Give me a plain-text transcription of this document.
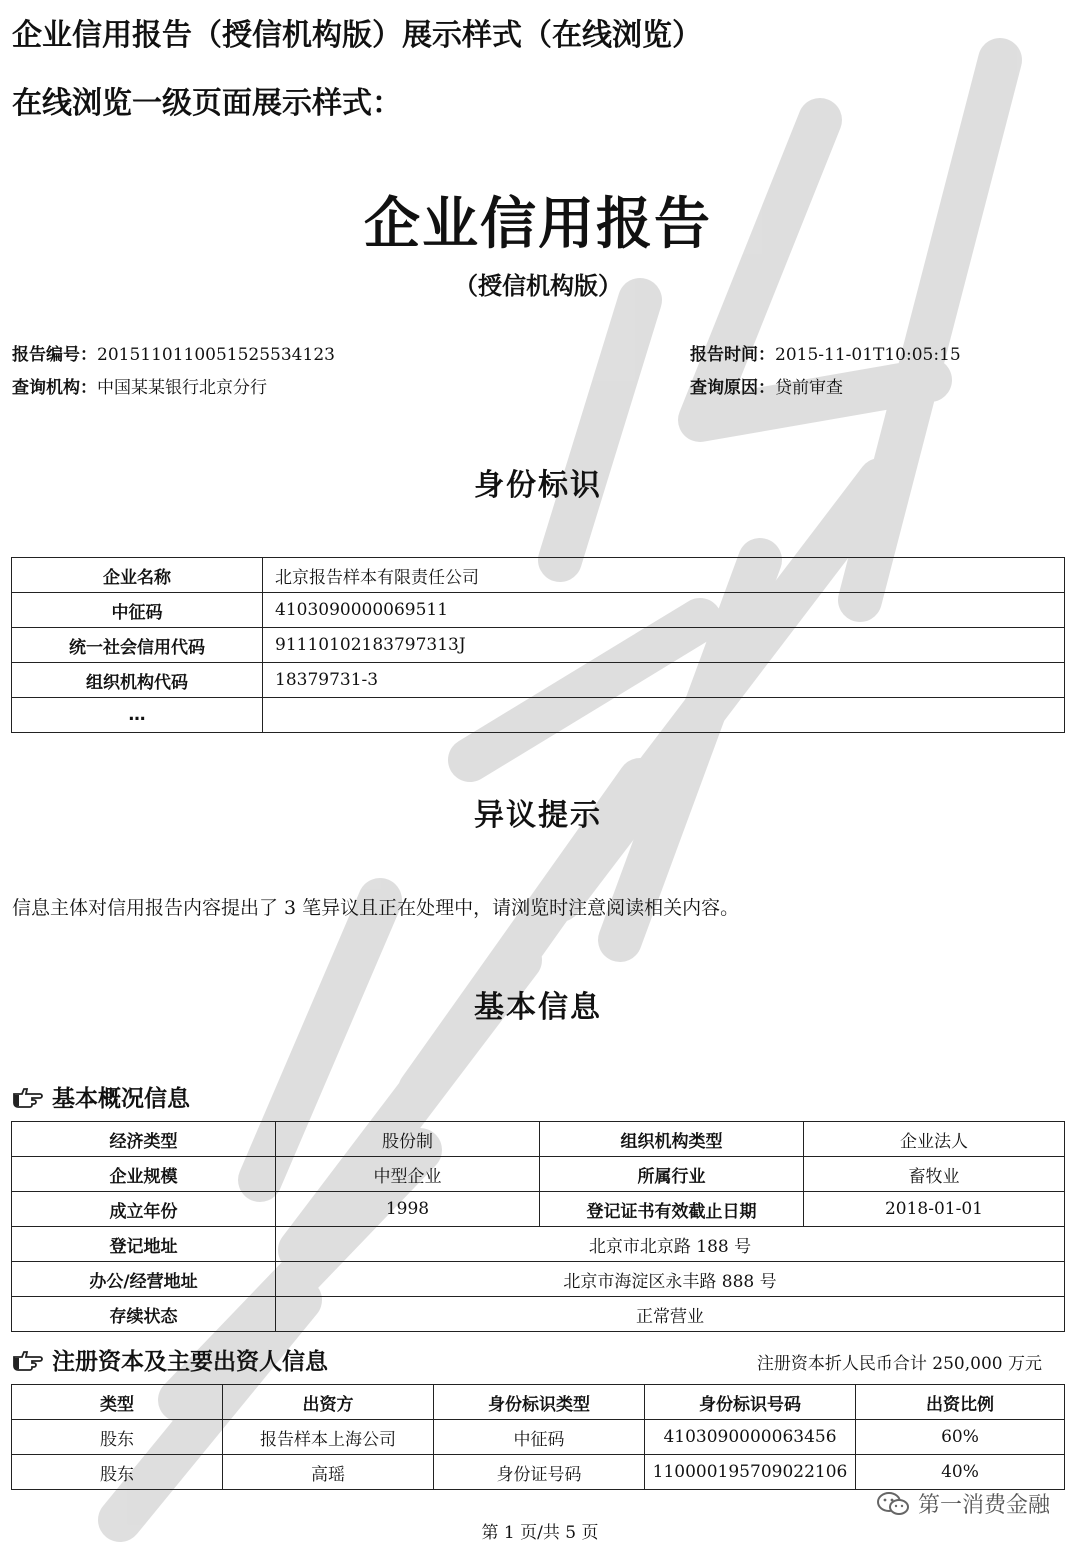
企业信用报告（授信机构版）展示样式（在线浏览）
在线浏览一级页面展示样式：
企业信用报告
（授信机构版）
报告编号：2015110110051525534123	报告时间：2015-11-01T10:05:15
查询机构：中国某某银行北京分行	查询原因：贷前审查
身份标识
企业名称	北京报告样本有限责任公司
中征码	4103090000069511
统一社会信用代码	91110102183797313J
组织机构代码	18379731-3
…	
异议提示
信息主体对信用报告内容提出了 3 笔异议且正在处理中，请浏览时注意阅读相关内容。
基本信息
基本概况信息
经济类型	股份制	组织机构类型	企业法人
企业规模	中型企业	所属行业	畜牧业
成立年份	1998	登记证书有效截止日期	2018-01-01
登记地址	北京市北京路 188 号		
办公/经营地址	北京市海淀区永丰路 888 号		
存续状态	正常营业		
注册资本及主要出资人信息	注册资本折人民币合计 250,000 万元
类型	出资方	身份标识类型	身份标识号码	出资比例
股东	报告样本上海公司	中征码	4103090000063456	60%
股东	高瑶	身份证号码	110000195709022106	40%
第一消费金融
第 1 页/共 5 页
